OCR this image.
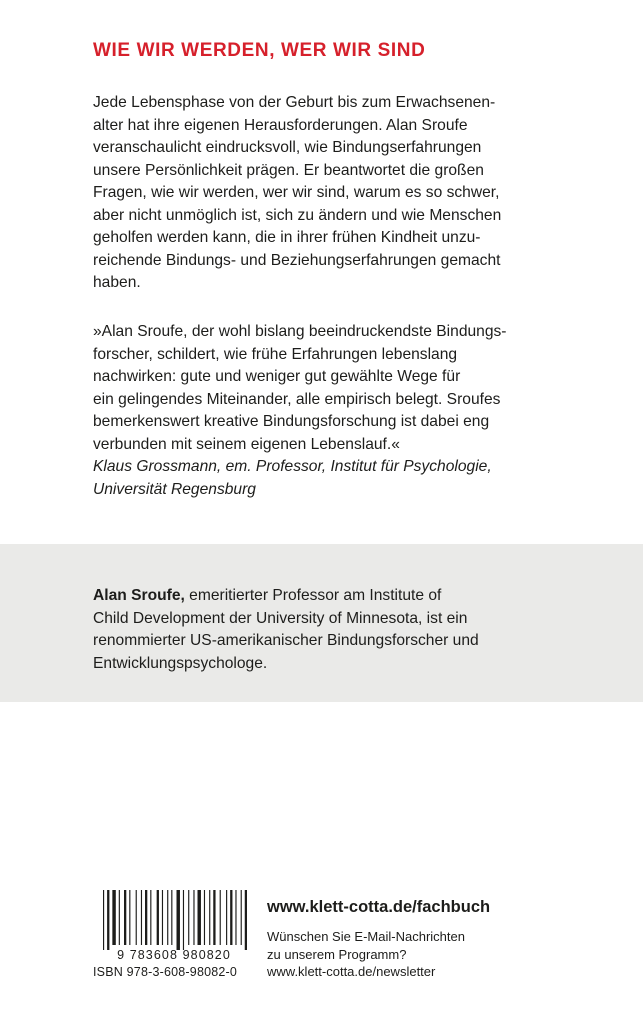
WIE WIR WERDEN, WER WIR SIND
Jede Lebensphase von der Geburt bis zum Erwachsenen-
alter hat ihre eigenen Herausforderungen. Alan Sroufe
veranschaulicht eindrucksvoll, wie Bindungserfahrungen
unsere Persönlichkeit prägen. Er beantwortet die großen
Fragen, wie wir werden, wer wir sind, warum es so schwer,
aber nicht unmöglich ist, sich zu ändern und wie Menschen
geholfen werden kann, die in ihrer frühen Kindheit unzu-
reichende Bindungs- und Beziehungserfahrungen gemacht
haben.
»Alan Sroufe, der wohl bislang beeindruckendste Bindungs-
forscher, schildert, wie frühe Erfahrungen lebenslang
nachwirken: gute und weniger gut gewählte Wege für
ein gelingendes Miteinander, alle empirisch belegt. Sroufes
bemerkenswert kreative Bindungsforschung ist dabei eng
verbunden mit seinem eigenen Lebenslauf.«
Klaus Grossmann, em. Professor, Institut für Psychologie,
Universität Regensburg
Alan Sroufe, emeritierter Professor am Institute of
Child Development der University of Minnesota, ist ein
renommierter US-amerikanischer Bindungsforscher und
Entwicklungspsychologe.
9 783608 980820
ISBN 978-3-608-98082-0
www.klett-cotta.de/fachbuch
Wünschen Sie E-Mail-Nachrichten
zu unserem Programm?
www.klett-cotta.de/newsletter
